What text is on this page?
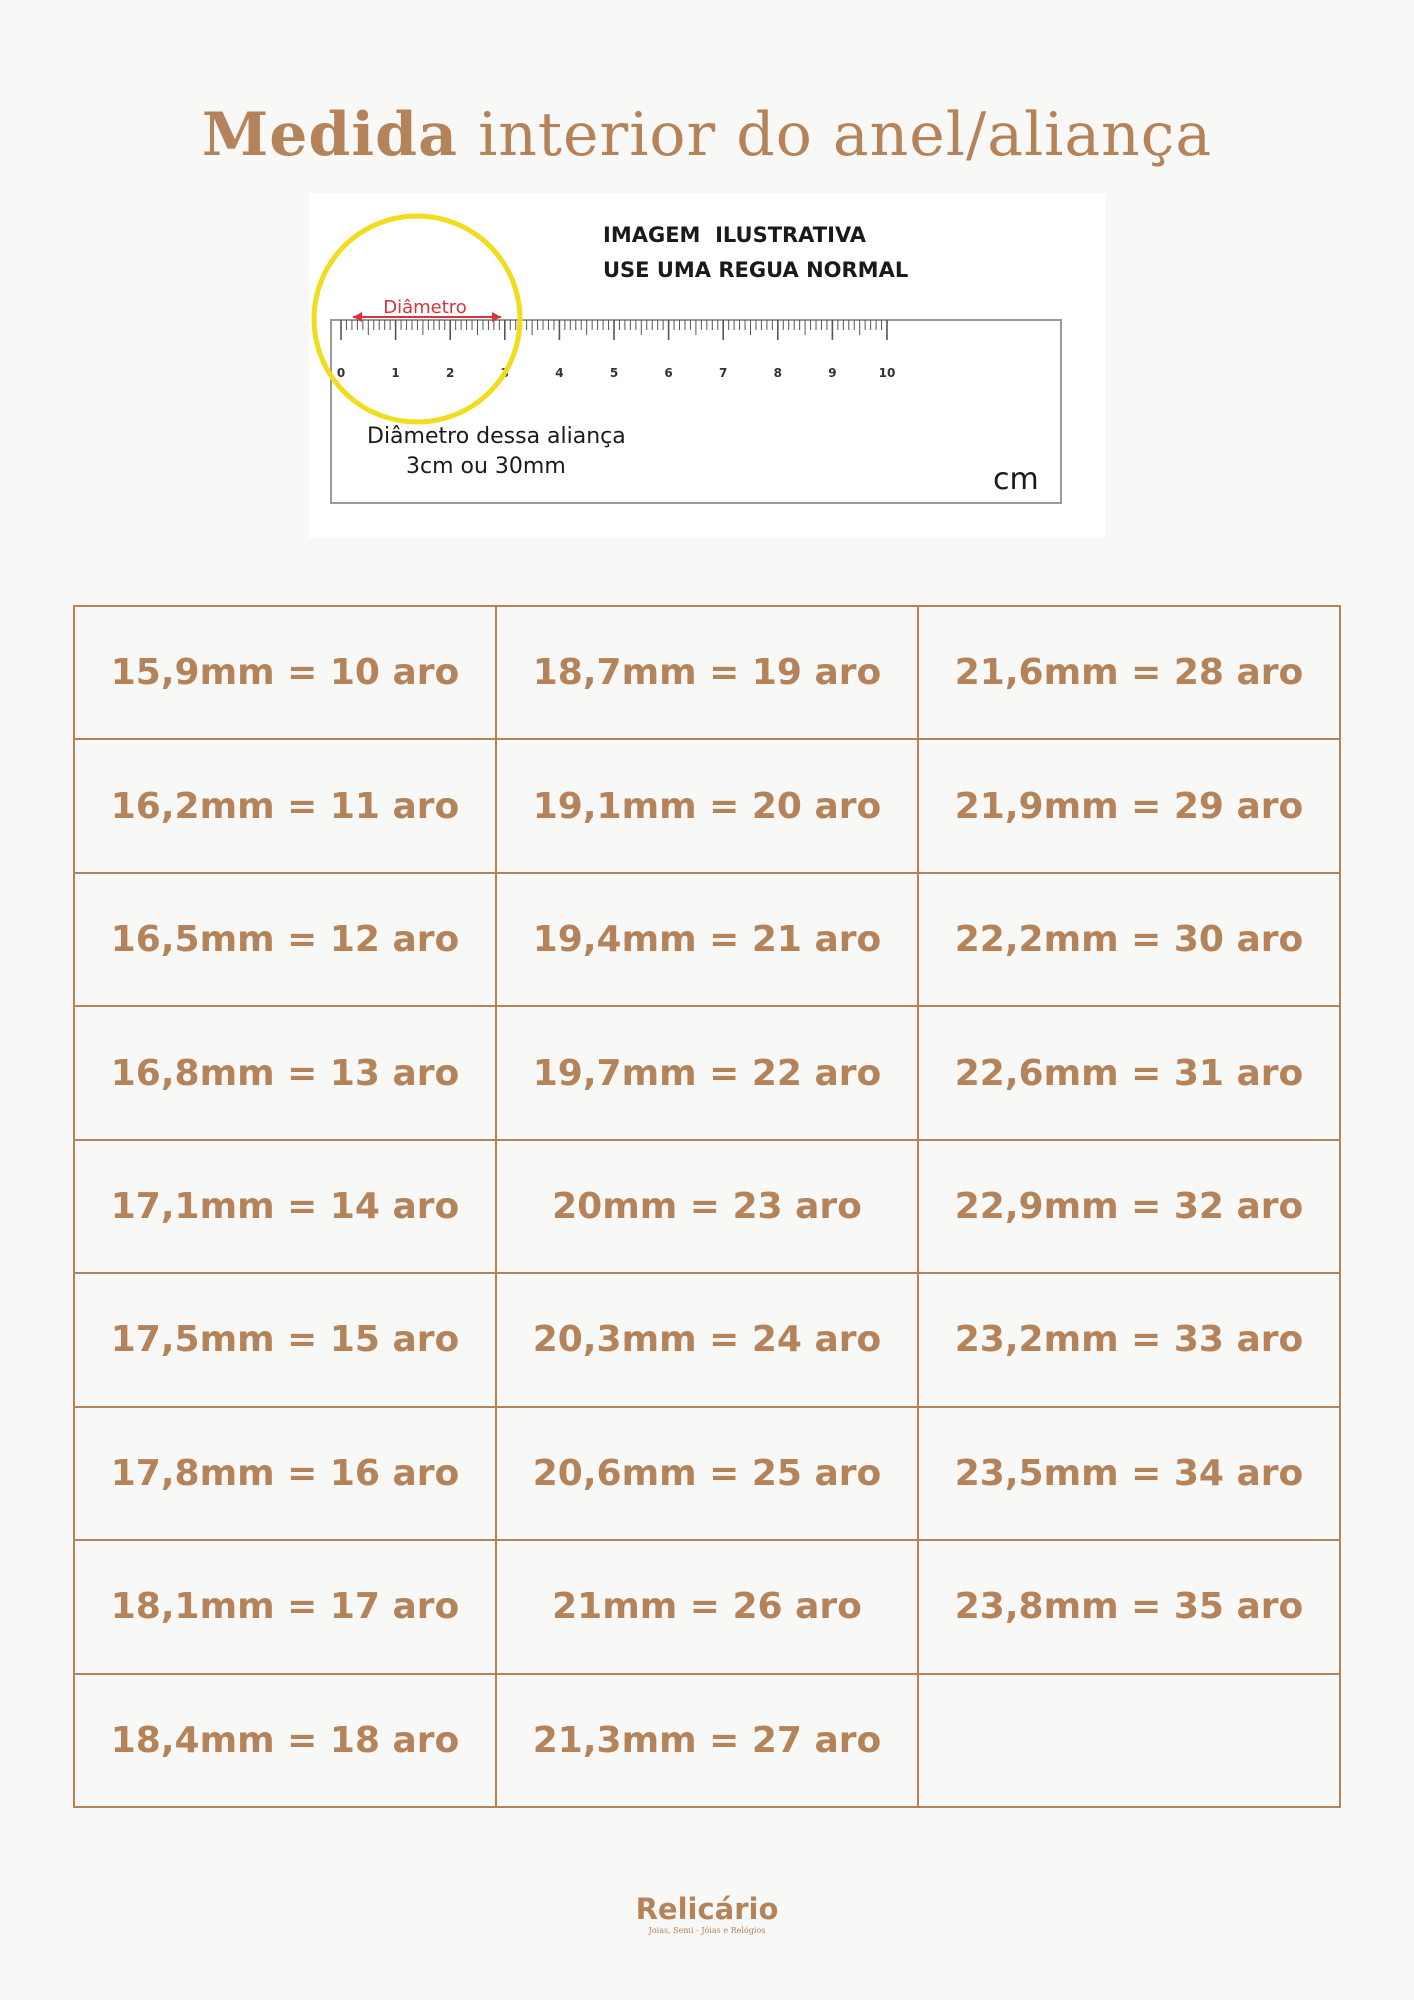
Medida interior do anel/aliança
IMAGEM  ILUSTRATIVA
USE UMA REGUA NORMAL
0	1	2	3	4	5	6	7	8	9	10
Diâmetro
Diâmetro dessa aliança
3cm ou 30mm	cm
15,9mm = 10 aro	18,7mm = 19 aro	21,6mm = 28 aro
16,2mm = 11 aro	19,1mm = 20 aro	21,9mm = 29 aro
16,5mm = 12 aro	19,4mm = 21 aro	22,2mm = 30 aro
16,8mm = 13 aro	19,7mm = 22 aro	22,6mm = 31 aro
17,1mm = 14 aro	20mm = 23 aro	22,9mm = 32 aro
17,5mm = 15 aro	20,3mm = 24 aro	23,2mm = 33 aro
17,8mm = 16 aro	20,6mm = 25 aro	23,5mm = 34 aro
18,1mm = 17 aro	21mm = 26 aro	23,8mm = 35 aro
18,4mm = 18 aro	21,3mm = 27 aro	
Relicário
Joias, Semi - Jóias e Relógios
